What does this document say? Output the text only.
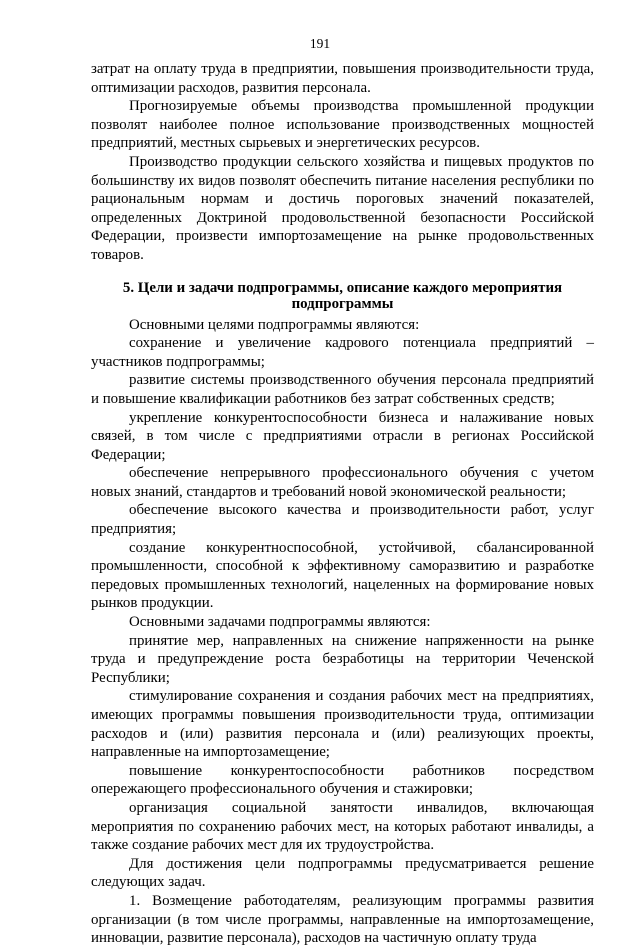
191

затрат на оплату труда в предприятии, повышения производительности труда, оптимизации расходов, развития персонала.

Прогнозируемые объемы производства промышленной продукции позволят наиболее полное использование производственных мощностей предприятий, местных сырьевых и энергетических ресурсов.

Производство продукции сельского хозяйства и пищевых продуктов по большинству их видов позволят обеспечить питание населения республики по рациональным нормам и достичь пороговых значений показателей, определенных Доктриной продовольственной безопасности Российской Федерации, произвести импортозамещение на рынке продовольственных товаров.

5. Цели и задачи подпрограммы, описание каждого мероприятия подпрограммы

Основными целями подпрограммы являются:

сохранение и увеличение кадрового потенциала предприятий – участников подпрограммы;

развитие системы производственного обучения персонала предприятий и повышение квалификации работников без затрат собственных средств;

укрепление конкурентоспособности бизнеса и налаживание новых связей, в том числе с предприятиями отрасли в регионах Российской Федерации;

обеспечение непрерывного профессионального обучения с учетом новых знаний, стандартов и требований новой экономической реальности;

обеспечение высокого качества и производительности работ, услуг предприятия;

создание конкурентноспособной, устойчивой, сбалансированной промышленности, способной к эффективному саморазвитию и разработке передовых промышленных технологий, нацеленных на формирование новых рынков продукции.

Основными задачами подпрограммы являются:

принятие мер, направленных на снижение напряженности на рынке труда и предупреждение роста безработицы на территории Чеченской Республики;

стимулирование сохранения и создания рабочих мест на предприятиях, имеющих программы повышения производительности труда, оптимизации расходов и (или) развития персонала и (или) реализующих проекты, направленные на импортозамещение;

повышение конкурентоспособности работников посредством опережающего профессионального обучения и стажировки;

организация социальной занятости инвалидов, включающая мероприятия по сохранению рабочих мест, на которых работают инвалиды, а также создание рабочих мест для их трудоустройства.

Для достижения цели подпрограммы предусматривается решение следующих задач.

1. Возмещение работодателям, реализующим программы развития организации (в том числе программы, направленные на импортозамещение, инновации, развитие персонала), расходов на частичную оплату труда
